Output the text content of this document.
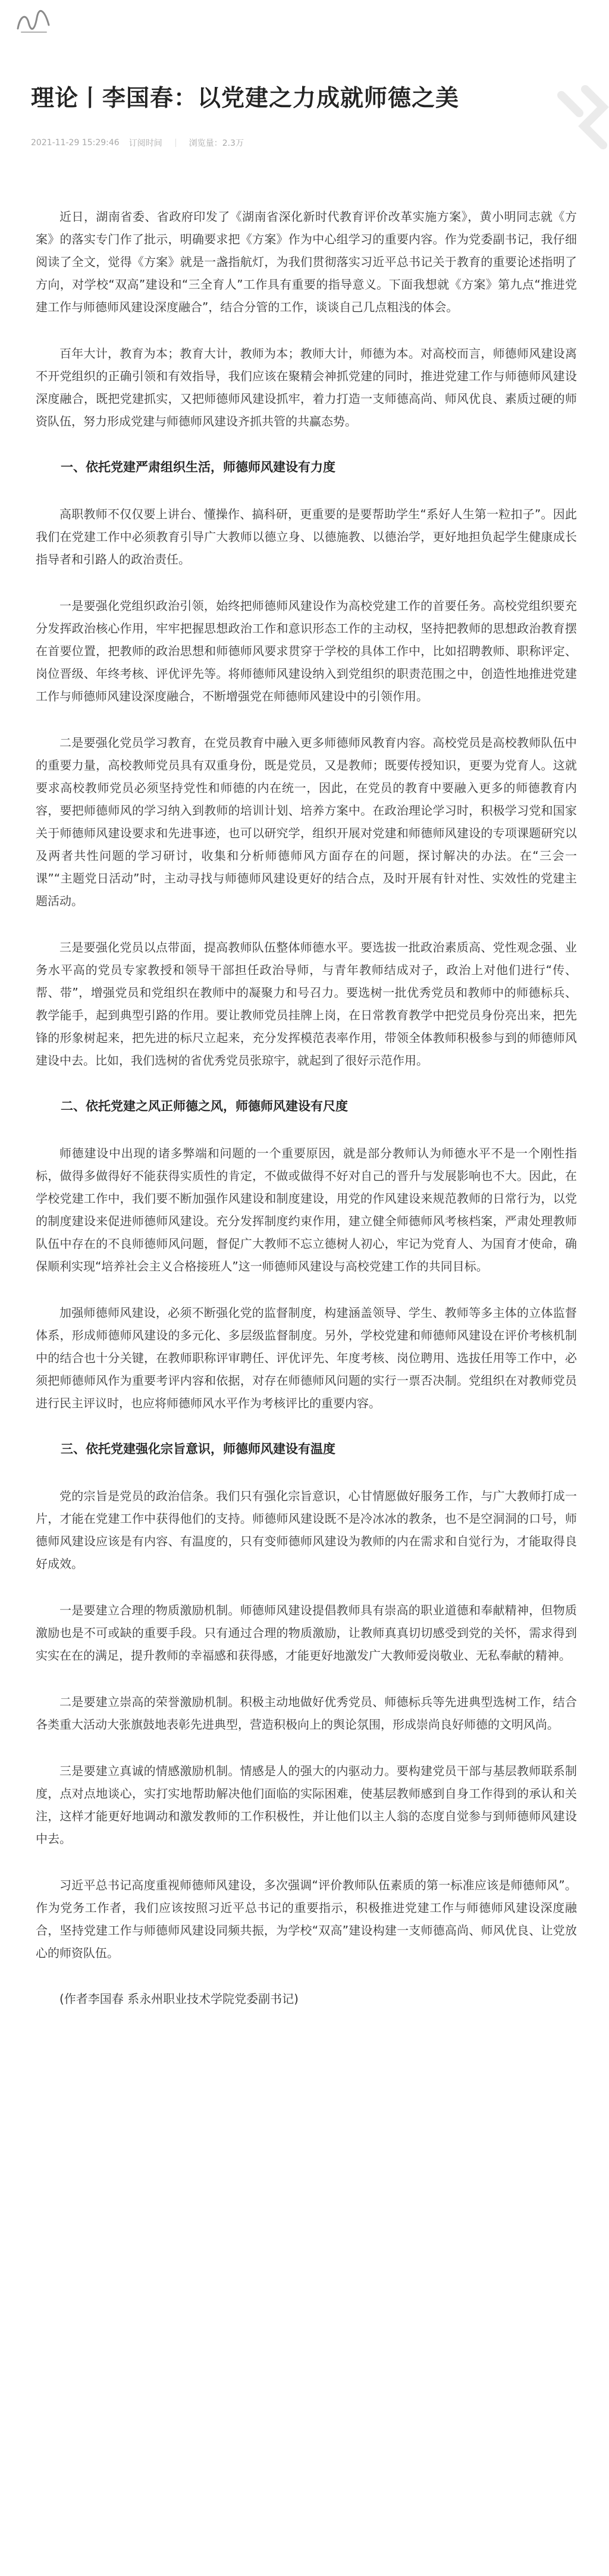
理论丨李国春：以党建之力成就师德之美
2021-11-29 15:29:46 订阅时间	浏览量：2.3万

近日，湖南省委、省政府印发了《湖南省深化新时代教育评价改革实施方案》，黄小明同志就《方案》的落实专门作了批示，明确要求把《方案》作为中心组学习的重要内容。作为党委副书记，我仔细阅读了全文，觉得《方案》就是一盏指航灯，为我们贯彻落实习近平总书记关于教育的重要论述指明了方向，对学校“双高”建设和“三全育人”工作具有重要的指导意义。下面我想就《方案》第九点“推进党建工作与师德师风建设深度融合”，结合分管的工作，谈谈自己几点粗浅的体会。

百年大计，教育为本；教育大计，教师为本；教师大计，师德为本。对高校而言，师德师风建设离不开党组织的正确引领和有效指导，我们应该在聚精会神抓党建的同时，推进党建工作与师德师风建设深度融合，既把党建抓实，又把师德师风建设抓牢，着力打造一支师德高尚、师风优良、素质过硬的师资队伍，努力形成党建与师德师风建设齐抓共管的共赢态势。

一、依托党建严肃组织生活，师德师风建设有力度

高职教师不仅仅要上讲台、懂操作、搞科研，更重要的是要帮助学生“系好人生第一粒扣子”。因此我们在党建工作中必须教育引导广大教师以德立身、以德施教、以德治学，更好地担负起学生健康成长指导者和引路人的政治责任。

一是要强化党组织政治引领，始终把师德师风建设作为高校党建工作的首要任务。高校党组织要充分发挥政治核心作用，牢牢把握思想政治工作和意识形态工作的主动权，坚持把教师的思想政治教育摆在首要位置，把教师的政治思想和师德师风要求贯穿于学校的具体工作中，比如招聘教师、职称评定、岗位晋级、年终考核、评优评先等。将师德师风建设纳入到党组织的职责范围之中，创造性地推进党建工作与师德师风建设深度融合，不断增强党在师德师风建设中的引领作用。

二是要强化党员学习教育，在党员教育中融入更多师德师风教育内容。高校党员是高校教师队伍中的重要力量，高校教师党员具有双重身份，既是党员，又是教师；既要传授知识，更要为党育人。这就要求高校教师党员必须坚持党性和师德的内在统一，因此，在党员的教育中要融入更多的师德教育内容，要把师德师风的学习纳入到教师的培训计划、培养方案中。在政治理论学习时，积极学习党和国家关于师德师风建设要求和先进事迹，也可以研究学，组织开展对党建和师德师风建设的专项课题研究以及两者共性问题的学习研讨，收集和分析师德师风方面存在的问题，探讨解决的办法。在“三会一课”“主题党日活动”时，主动寻找与师德师风建设更好的结合点，及时开展有针对性、实效性的党建主题活动。

三是要强化党员以点带面，提高教师队伍整体师德水平。要选拔一批政治素质高、党性观念强、业务水平高的党员专家教授和领导干部担任政治导师，与青年教师结成对子，政治上对他们进行“传、帮、带”，增强党员和党组织在教师中的凝聚力和号召力。要选树一批优秀党员和教师中的师德标兵、教学能手，起到典型引路的作用。要让教师党员挂牌上岗，在日常教育教学中把党员身份亮出来，把先锋的形象树起来，把先进的标尺立起来，充分发挥模范表率作用，带领全体教师积极参与到的师德师风建设中去。比如，我们选树的省优秀党员张琼宇，就起到了很好示范作用。

二、依托党建之风正师德之风，师德师风建设有尺度

师德建设中出现的诸多弊端和问题的一个重要原因，就是部分教师认为师德水平不是一个刚性指标，做得多做得好不能获得实质性的肯定，不做或做得不好对自己的晋升与发展影响也不大。因此，在学校党建工作中，我们要不断加强作风建设和制度建设，用党的作风建设来规范教师的日常行为，以党的制度建设来促进师德师风建设。充分发挥制度约束作用，建立健全师德师风考核档案，严肃处理教师队伍中存在的不良师德师风问题，督促广大教师不忘立德树人初心，牢记为党育人、为国育才使命，确保顺利实现“培养社会主义合格接班人”这一师德师风建设与高校党建工作的共同目标。

加强师德师风建设，必须不断强化党的监督制度，构建涵盖领导、学生、教师等多主体的立体监督体系，形成师德师风建设的多元化、多层级监督制度。另外，学校党建和师德师风建设在评价考核机制中的结合也十分关键，在教师职称评审聘任、评优评先、年度考核、岗位聘用、选拔任用等工作中，必须把师德师风作为重要考评内容和依据，对存在师德师风问题的实行一票否决制。党组织在对教师党员进行民主评议时，也应将师德师风水平作为考核评比的重要内容。

三、依托党建强化宗旨意识，师德师风建设有温度

党的宗旨是党员的政治信条。我们只有强化宗旨意识，心甘情愿做好服务工作，与广大教师打成一片，才能在党建工作中获得他们的支持。师德师风建设既不是冷冰冰的教条，也不是空洞洞的口号，师德师风建设应该是有内容、有温度的，只有变师德师风建设为教师的内在需求和自觉行为，才能取得良好成效。

一是要建立合理的物质激励机制。师德师风建设提倡教师具有崇高的职业道德和奉献精神，但物质激励也是不可或缺的重要手段。只有通过合理的物质激励，让教师真真切切感受到党的关怀，需求得到实实在在的满足，提升教师的幸福感和获得感，才能更好地激发广大教师爱岗敬业、无私奉献的精神。

二是要建立崇高的荣誉激励机制。积极主动地做好优秀党员、师德标兵等先进典型选树工作，结合各类重大活动大张旗鼓地表彰先进典型，营造积极向上的舆论氛围，形成崇尚良好师德的文明风尚。

三是要建立真诚的情感激励机制。情感是人的强大的内驱动力。要构建党员干部与基层教师联系制度，点对点地谈心，实打实地帮助解决他们面临的实际困难，使基层教师感到自身工作得到的承认和关注，这样才能更好地调动和激发教师的工作积极性，并让他们以主人翁的态度自觉参与到师德师风建设中去。

习近平总书记高度重视师德师风建设，多次强调“评价教师队伍素质的第一标准应该是师德师风”。作为党务工作者，我们应该按照习近平总书记的重要指示，积极推进党建工作与师德师风建设深度融合，坚持党建工作与师德师风建设同频共振，为学校“双高”建设构建一支师德高尚、师风优良、让党放心的师资队伍。

(作者李国春 系永州职业技术学院党委副书记)
